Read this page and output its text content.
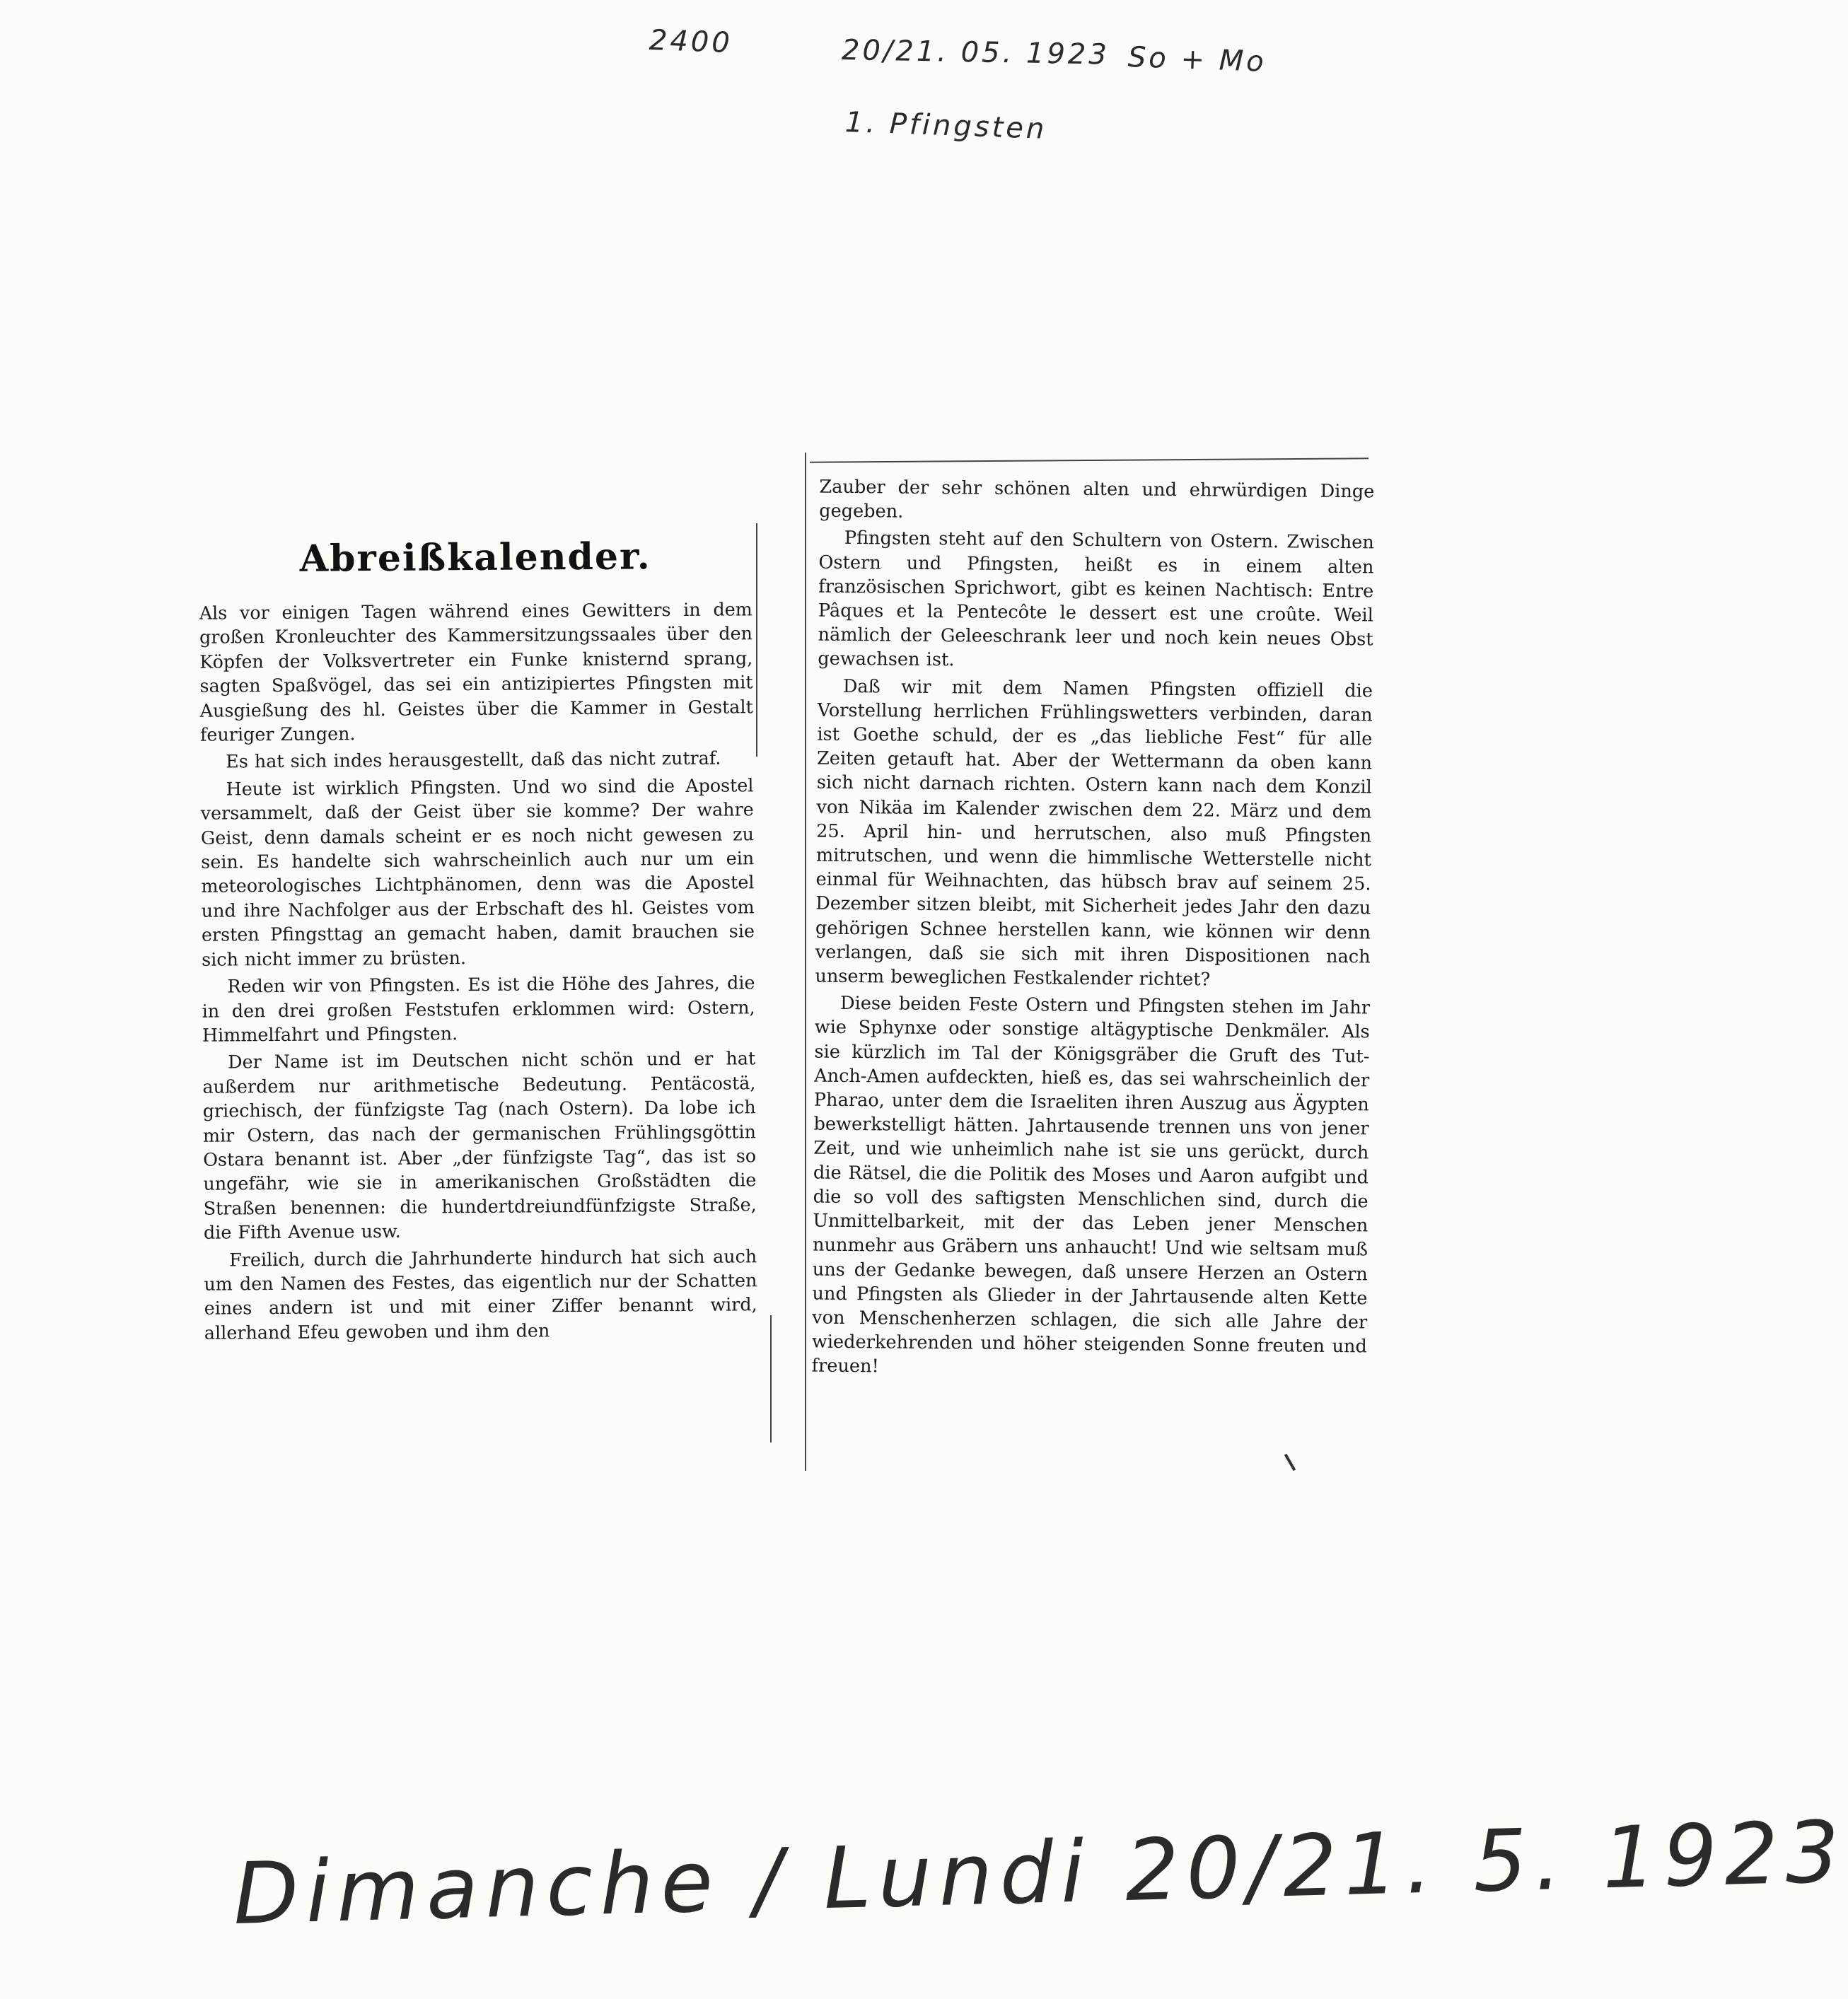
2400	20/21. 05. 1923 So + Mo
1. Pfingsten
Dimanche / Lundi 20/21. 5. 1923
Abreißkalender.

Als vor einigen Tagen während eines Gewitters in dem großen Kronleuchter des Kammersitzungssaales über den Köpfen der Volksvertreter ein Funke knisternd sprang, sagten Spaßvögel, das sei ein antizipiertes Pfingsten mit Ausgießung des hl. Geistes über die Kammer in Gestalt feuriger Zungen.

Es hat sich indes herausgestellt, daß das nicht zutraf.

Heute ist wirklich Pfingsten. Und wo sind die Apostel versammelt, daß der Geist über sie komme? Der wahre Geist, denn damals scheint er es noch nicht gewesen zu sein. Es handelte sich wahrscheinlich auch nur um ein meteorologisches Lichtphänomen, denn was die Apostel und ihre Nachfolger aus der Erbschaft des hl. Geistes vom ersten Pfingsttag an gemacht haben, damit brauchen sie sich nicht immer zu brüsten.

Reden wir von Pfingsten. Es ist die Höhe des Jahres, die in den drei großen Feststufen erklommen wird: Ostern, Himmelfahrt und Pfingsten.

Der Name ist im Deutschen nicht schön und er hat außerdem nur arithmetische Bedeutung. Pentäcostä, griechisch, der fünfzigste Tag (nach Ostern). Da lobe ich mir Ostern, das nach der germanischen Frühlingsgöttin Ostara benannt ist. Aber „der fünfzigste Tag“, das ist so ungefähr, wie sie in amerikanischen Großstädten die Straßen benennen: die hundertdreiundfünfzigste Straße, die Fifth Avenue usw.

Freilich, durch die Jahrhunderte hindurch hat sich auch um den Namen des Festes, das eigentlich nur der Schatten eines andern ist und mit einer Ziffer benannt wird, allerhand Efeu gewoben und ihm den

Zauber der sehr schönen alten und ehrwürdigen Dinge gegeben.

Pfingsten steht auf den Schultern von Ostern. Zwischen Ostern und Pfingsten, heißt es in einem alten französischen Sprichwort, gibt es keinen Nachtisch: Entre Pâques et la Pentecôte le dessert est une croûte. Weil nämlich der Geleeschrank leer und noch kein neues Obst gewachsen ist.

Daß wir mit dem Namen Pfingsten offiziell die Vorstellung herrlichen Frühlingswetters verbinden, daran ist Goethe schuld, der es „das liebliche Fest“ für alle Zeiten getauft hat. Aber der Wettermann da oben kann sich nicht darnach richten. Ostern kann nach dem Konzil von Nikäa im Kalender zwischen dem 22. März und dem 25. April hin- und herrutschen, also muß Pfingsten mitrutschen, und wenn die himmlische Wetterstelle nicht einmal für Weihnachten, das hübsch brav auf seinem 25. Dezember sitzen bleibt, mit Sicherheit jedes Jahr den dazu gehörigen Schnee herstellen kann, wie können wir denn verlangen, daß sie sich mit ihren Dispositionen nach unserm beweglichen Festkalender richtet?

Diese beiden Feste Ostern und Pfingsten stehen im Jahr wie Sphynxe oder sonstige altägyptische Denkmäler. Als sie kürzlich im Tal der Königsgräber die Gruft des Tut-Anch-Amen aufdeckten, hieß es, das sei wahrscheinlich der Pharao, unter dem die Israeliten ihren Auszug aus Ägypten bewerkstelligt hätten. Jahrtausende trennen uns von jener Zeit, und wie unheimlich nahe ist sie uns gerückt, durch die Rätsel, die die Politik des Moses und Aaron aufgibt und die so voll des saftigsten Menschlichen sind, durch die Unmittelbarkeit, mit der das Leben jener Menschen nunmehr aus Gräbern uns anhaucht! Und wie seltsam muß uns der Gedanke bewegen, daß unsere Herzen an Ostern und Pfingsten als Glieder in der Jahrtausende alten Kette von Menschenherzen schlagen, die sich alle Jahre der wiederkehrenden und höher steigenden Sonne freuten und freuen!
